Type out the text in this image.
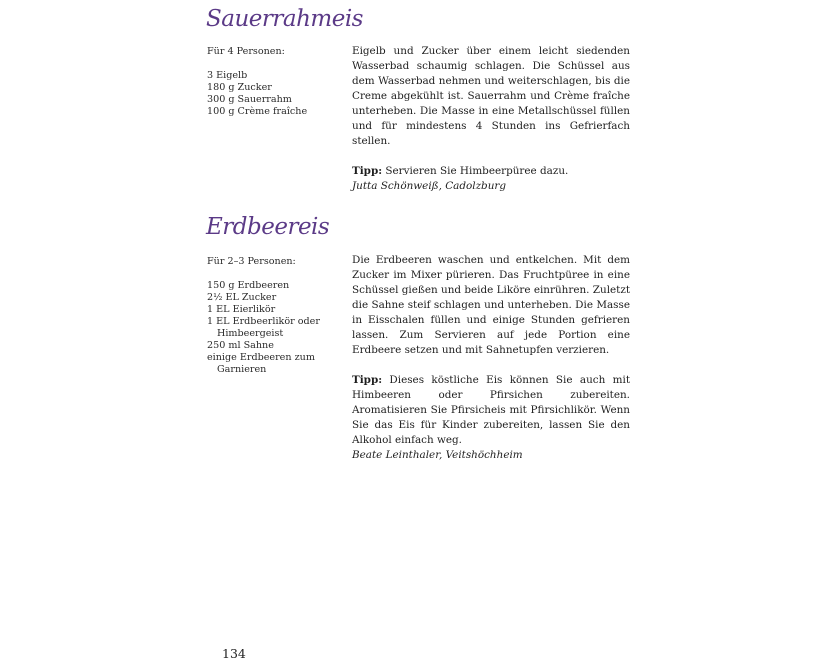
Sauerrahmeis
Für 4 Personen:
3 Eigelb
180 g Zucker
300 g Sauerrahm
100 g Crème fraîche

Eigelb und Zucker über einem leicht siedenden Wasserbad schaumig schlagen. Die Schüssel aus dem Wasserbad nehmen und weiterschlagen, bis die Creme abgekühlt ist. Sauerrahm und Crème fraîche unterheben. Die Masse in eine Metallschüssel füllen und für mindestens 4 Stunden ins Gefrierfach stellen.

Tipp: Servieren Sie Himbeerpüree dazu.

Jutta Schönweiß, Cadolzburg
Erdbeereis
Für 2–3 Personen:
150 g Erdbeeren
2½ EL Zucker
1 EL Eierlikör
1 EL Erdbeerlikör oder
Himbeergeist
250 ml Sahne
einige Erdbeeren zum
Garnieren

Die Erdbeeren waschen und entkelchen. Mit dem Zucker im Mixer pürieren. Das Fruchtpüree in eine Schüssel gießen und beide Liköre einrühren. Zuletzt die Sahne steif schlagen und unterheben. Die Masse in Eisschalen füllen und einige Stunden gefrieren lassen. Zum Servieren auf jede Portion eine Erdbeere setzen und mit Sahnetupfen verzieren.

Tipp: Dieses köstliche Eis können Sie auch mit Himbeeren oder Pfirsichen zubereiten. Aromatisieren Sie Pfirsicheis mit Pfirsichlikör. Wenn Sie das Eis für Kinder zubereiten, lassen Sie den Alkohol einfach weg.

Beate Leinthaler, Veitshöchheim
134
